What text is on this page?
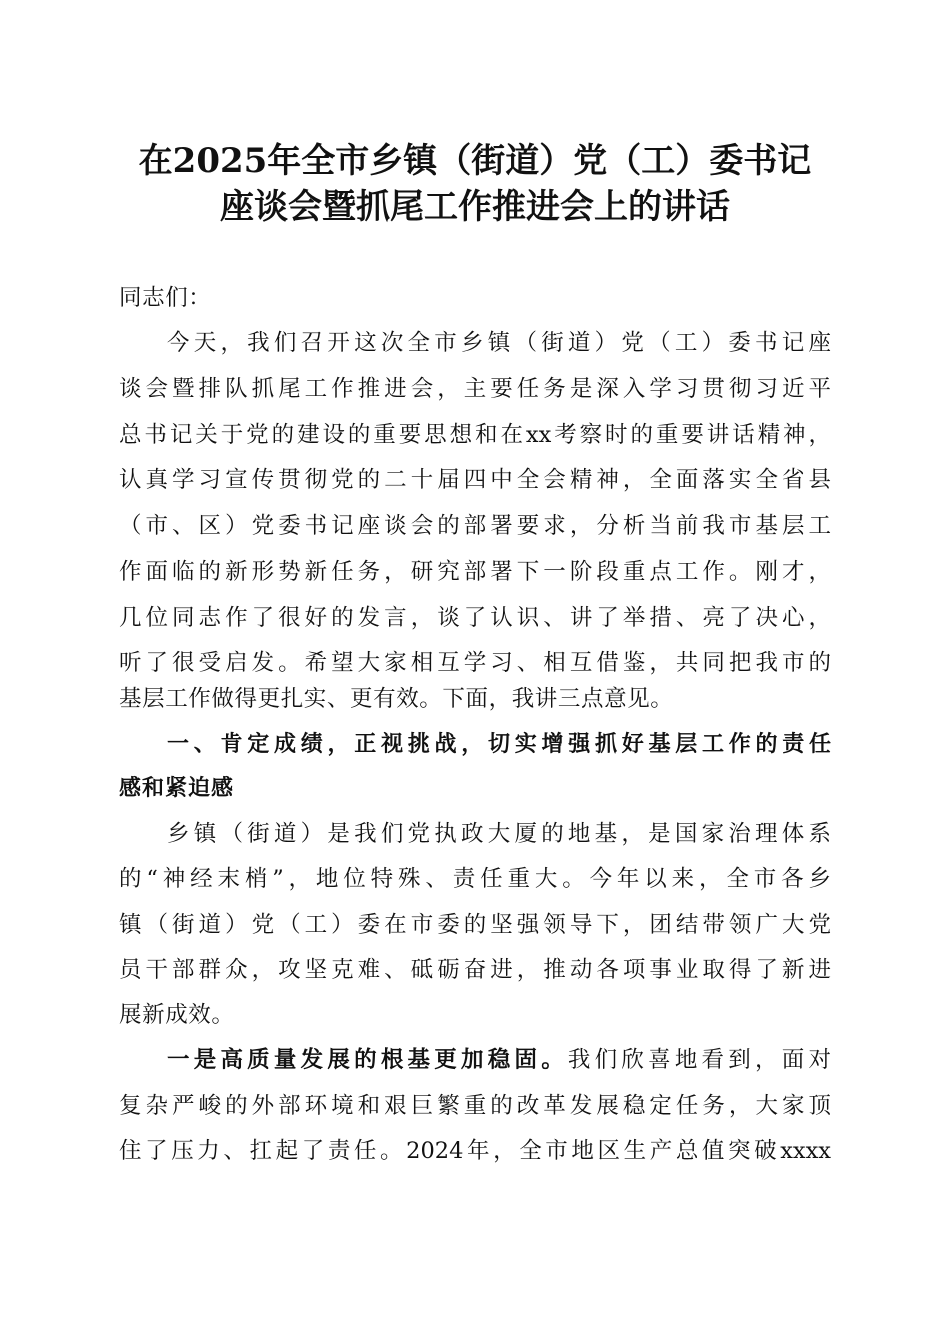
在2025年全市乡镇（街道）党（工）委书记
座谈会暨抓尾工作推进会上的讲话
同志们：
今天，我们召开这次全市乡镇（街道）党（工）委书记座
谈会暨排队抓尾工作推进会，主要任务是深入学习贯彻习近平
总书记关于党的建设的重要思想和在xx考察时的重要讲话精神，
认真学习宣传贯彻党的二十届四中全会精神，全面落实全省县
（市、区）党委书记座谈会的部署要求，分析当前我市基层工
作面临的新形势新任务，研究部署下一阶段重点工作。刚才，
几位同志作了很好的发言，谈了认识、讲了举措、亮了决心，
听了很受启发。希望大家相互学习、相互借鉴，共同把我市的
基层工作做得更扎实、更有效。下面，我讲三点意见。
一、肯定成绩，正视挑战，切实增强抓好基层工作的责任
感和紧迫感
乡镇（街道）是我们党执政大厦的地基，是国家治理体系
的“神经末梢”，地位特殊、责任重大。今年以来，全市各乡
镇（街道）党（工）委在市委的坚强领导下，团结带领广大党
员干部群众，攻坚克难、砥砺奋进，推动各项事业取得了新进
展新成效。
一是高质量发展的根基更加稳固。我们欣喜地看到，面对
复杂严峻的外部环境和艰巨繁重的改革发展稳定任务，大家顶
住了压力、扛起了责任。2024年，全市地区生产总值突破xxxx
